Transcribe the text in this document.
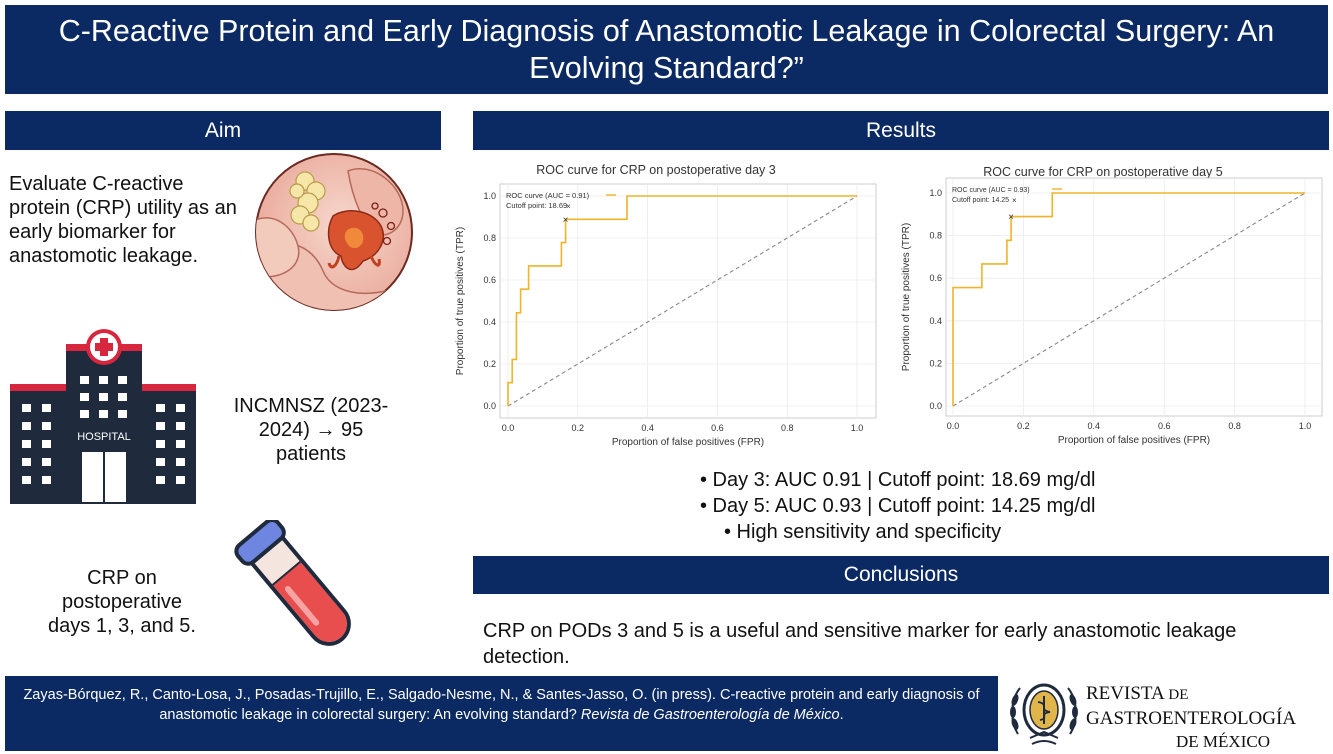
C-Reactive Protein and Early Diagnosis of Anastomotic Leakage in Colorectal Surgery: An Evolving Standard?”
Aim
Evaluate C-reactive protein (CRP) utility as an early biomarker for anastomotic leakage.
HOSPITAL
INCMNSZ (2023-2024) → 95 patients
CRP on postoperative days 1, 3, and 5.
Results
ROC curve for CRP on postoperative day 3
0.0
0.0
0.2
0.2
0.4
0.4
0.6
0.6
0.8
0.8
1.0
1.0
×
ROC curve (AUC = 0.91)
Cutoff point: 18.69
×
Proportion of false positives (FPR)
Proportion of true positives (TPR)
ROC curve for CRP on postoperative day 5
0.0
0.0
0.2
0.2
0.4
0.4
0.6
0.6
0.8
0.8
1.0
1.0
×
ROC curve (AUC = 0.93)
Cutoff point: 14.25 ×
Proportion of false positives (FPR)
Proportion of true positives (TPR)
• Day 3: AUC 0.91 | Cutoff point: 18.69 mg/dl
• Day 5: AUC 0.93 | Cutoff point: 14.25 mg/dl
• High sensitivity and specificity
Conclusions
CRP on PODs 3 and 5 is a useful and sensitive marker for early anastomotic leakage detection.
Zayas-Bórquez, R., Canto-Losa, J., Posadas-Trujillo, E., Salgado-Nesme, N., & Santes-Jasso, O. (in press). C-reactive protein and early diagnosis of anastomotic leakage in colorectal surgery: An evolving standard? Revista de Gastroenterología de México.
REVISTA DE
GASTROENTEROLOGÍA
DE MÉXICO
